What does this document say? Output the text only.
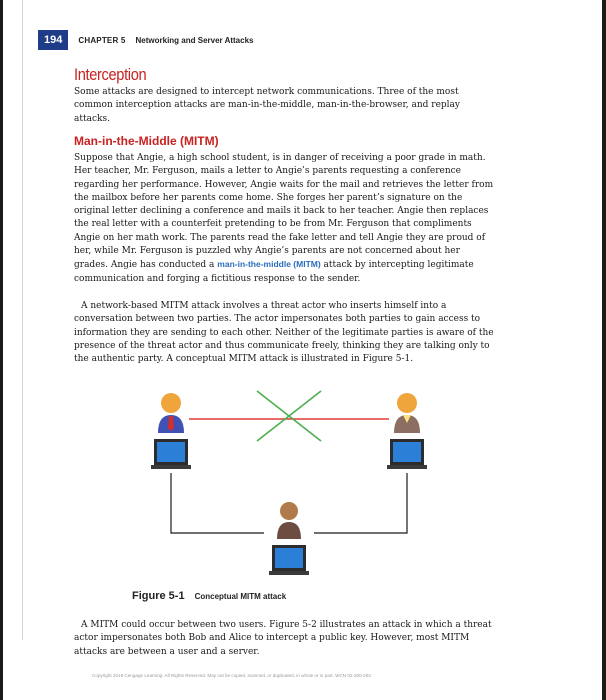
194	CHAPTER 5 Networking and Server Attacks
Interception
Some attacks are designed to intercept network communications. Three of the most common interception attacks are man-in-the-middle, man-in-the-browser, and replay attacks.
Man-in-the-Middle (MITM)
Suppose that Angie, a high school student, is in danger of receiving a poor grade in math. Her teacher, Mr. Ferguson, mails a letter to Angie’s parents requesting a conference regarding her performance. However, Angie waits for the mail and retrieves the letter from the mailbox before her parents come home. She forges her parent’s signature on the original letter declining a conference and mails it back to her teacher. Angie then replaces the real letter with a counterfeit pretending to be from Mr. Ferguson that compliments Angie on her math work. The parents read the fake letter and tell Angie they are proud of her, while Mr. Ferguson is puzzled why Angie’s parents are not concerned about her grades. Angie has conducted a man-in-the-middle (MITM) attack by intercepting legitimate communication and forging a fictitious response to the sender.
A network-based MITM attack involves a threat actor who inserts himself into a conversation between two parties. The actor impersonates both parties to gain access to information they are sending to each other. Neither of the legitimate parties is aware of the presence of the threat actor and thus communicate freely, thinking they are talking only to the authentic party. A conceptual MITM attack is illustrated in Figure 5-1.
Figure 5-1 Conceptual MITM attack
A MITM could occur between two users. Figure 5-2 illustrates an attack in which a threat actor impersonates both Bob and Alice to intercept a public key. However, most MITM attacks are between a user and a server.
Copyright 2018 Cengage Learning. All Rights Reserved. May not be copied, scanned, or duplicated, in whole or in part. WCN 02-200-203
